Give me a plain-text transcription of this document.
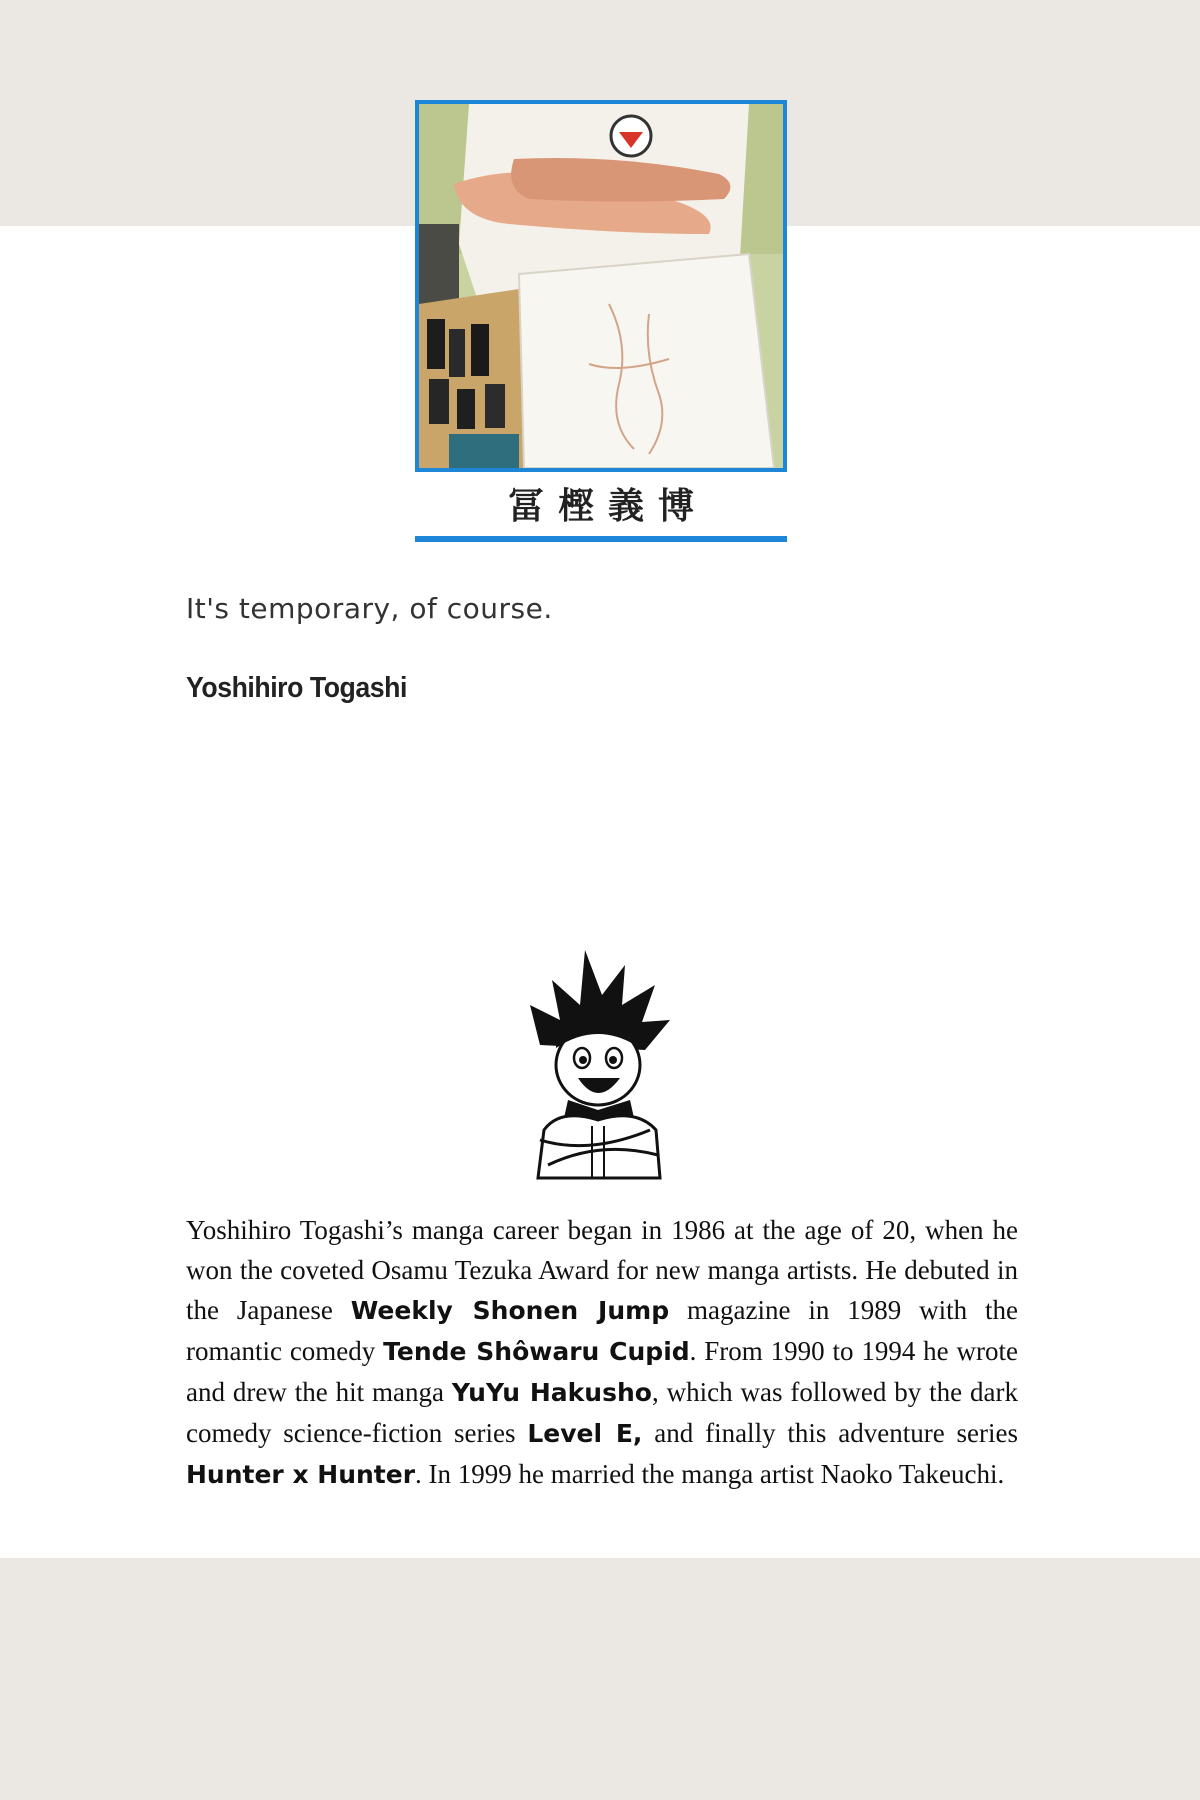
冨樫義博
It's temporary, of course.
Yoshihiro Togashi

Yoshihiro Togashi’s manga career began in 1986 at the age of 20, when he won the coveted Osamu Tezuka Award for new manga artists. He debuted in the Japanese Weekly Shonen Jump magazine in 1989 with the romantic comedy Tende Shôwaru Cupid. From 1990 to 1994 he wrote and drew the hit manga YuYu Hakusho, which was followed by the dark comedy science-fiction series Level E, and finally this adventure series Hunter x Hunter. In 1999 he married the manga artist Naoko Takeuchi.
